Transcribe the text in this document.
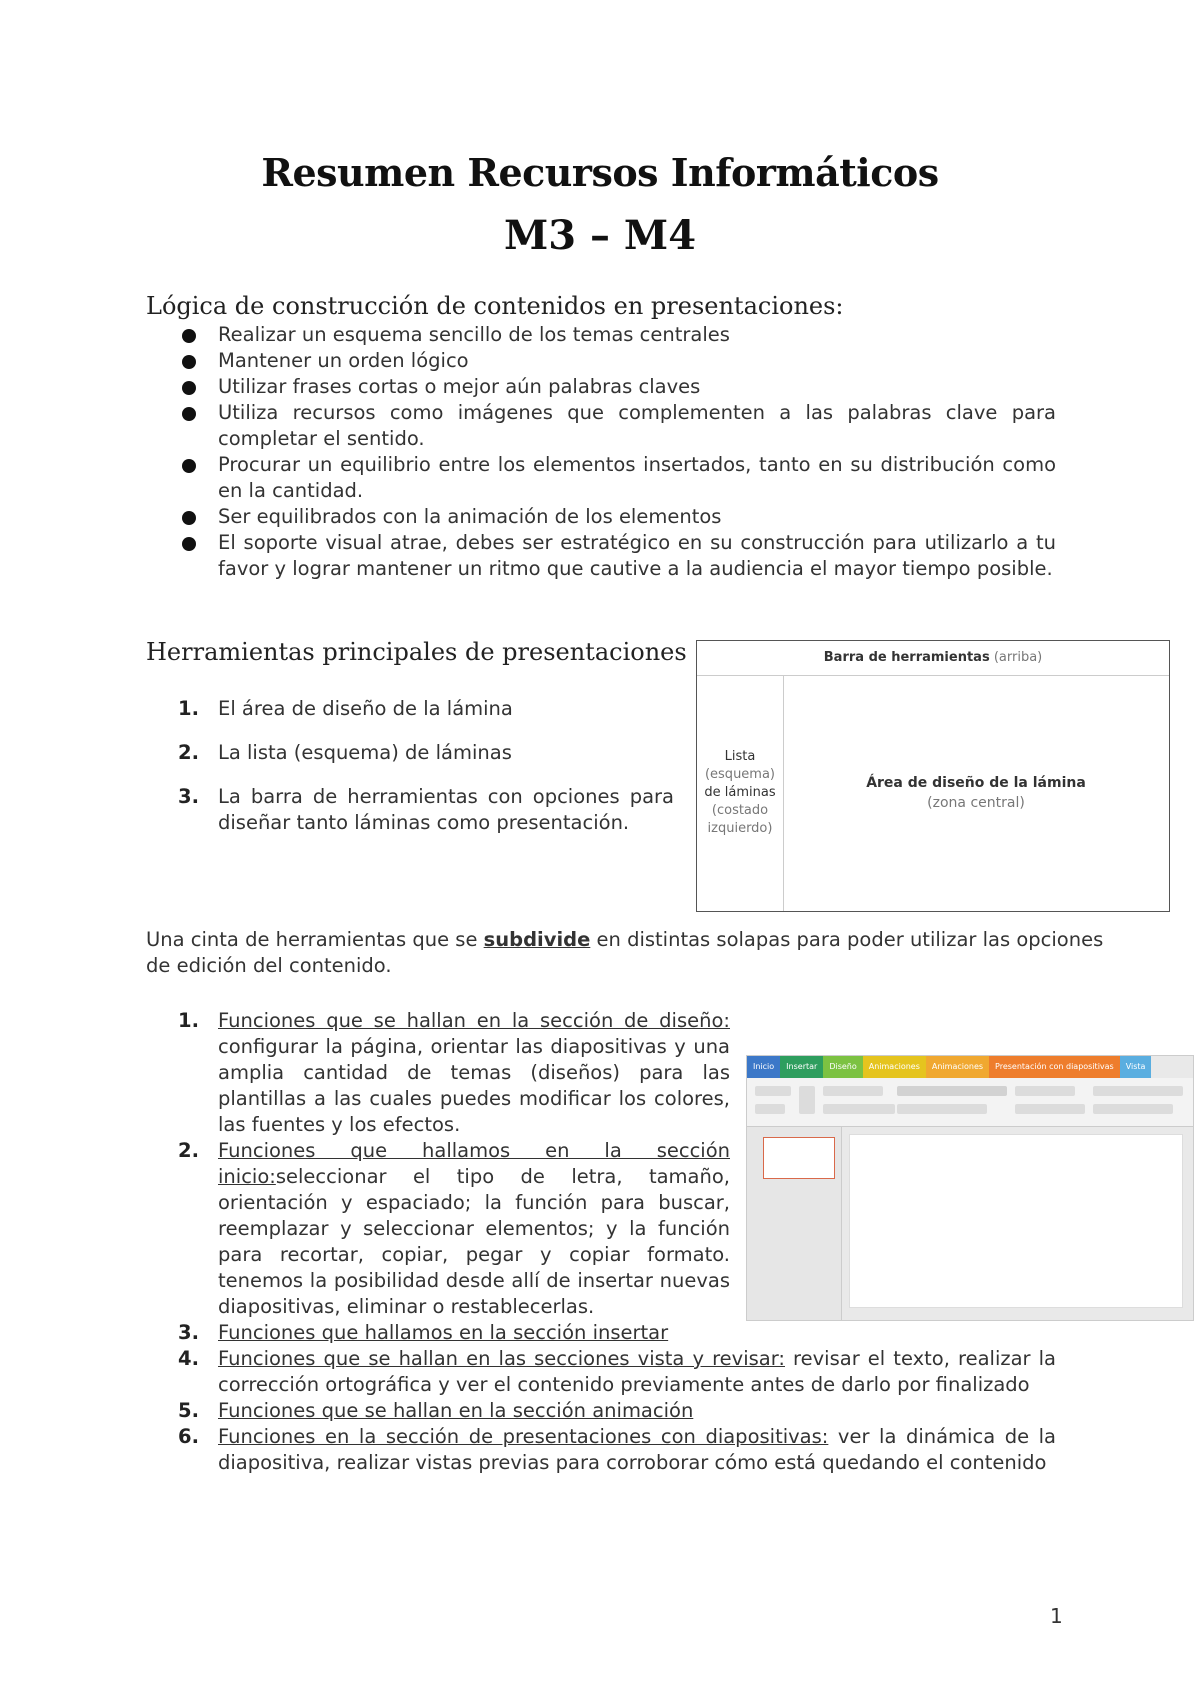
Resumen Recursos Informáticos
M3 – M4
Lógica de construcción de contenidos en presentaciones:
Realizar un esquema sencillo de los temas centrales
Mantener un orden lógico
Utilizar frases cortas o mejor aún palabras claves
Utiliza recursos como imágenes que complementen a las palabras clave para completar el sentido.
Procurar un equilibrio entre los elementos insertados, tanto en su distribución como en la cantidad.
Ser equilibrados con la animación de los elementos
El soporte visual atrae, debes ser estratégico en su construcción para utilizarlo a tu favor y lograr mantener un ritmo que cautive a la audiencia el mayor tiempo posible.
Herramientas principales de presentaciones
1. El área de diseño de la lámina
2. La lista (esquema) de láminas
3. La barra de herramientas con opciones para diseñar tanto láminas como presentación.
Barra de herramientas (arriba)
Lista
(esquema)
de láminas
(costado
izquierdo)
Área de diseño de la lámina
(zona central)
Una cinta de herramientas que se subdivide en distintas solapas para poder utilizar las opciones de edición del contenido.
1. Funciones que se hallan en la sección de diseño: configurar la página, orientar las diapositivas y una amplia cantidad de temas (diseños) para las plantillas a las cuales puedes modificar los colores, las fuentes y los efectos.
2. Funciones que hallamos en la sección inicio:seleccionar el tipo de letra, tamaño, orientación y espaciado; la función para buscar, reemplazar y seleccionar elementos; y la función para recortar, copiar, pegar y copiar formato. tenemos la posibilidad desde allí de insertar nuevas diapositivas, eliminar o restablecerlas.
3. Funciones que hallamos en la sección insertar
4. Funciones que se hallan en las secciones vista y revisar: revisar el texto, realizar la corrección ortográfica y ver el contenido previamente antes de darlo por finalizado
5. Funciones que se hallan en la sección animación
6. Funciones en la sección de presentaciones con diapositivas: ver la dinámica de la diapositiva, realizar vistas previas para corroborar cómo está quedando el contenido
Inicio	Insertar	Diseño	Animaciones	Animaciones	Presentación con diapositivas	Vista
1
